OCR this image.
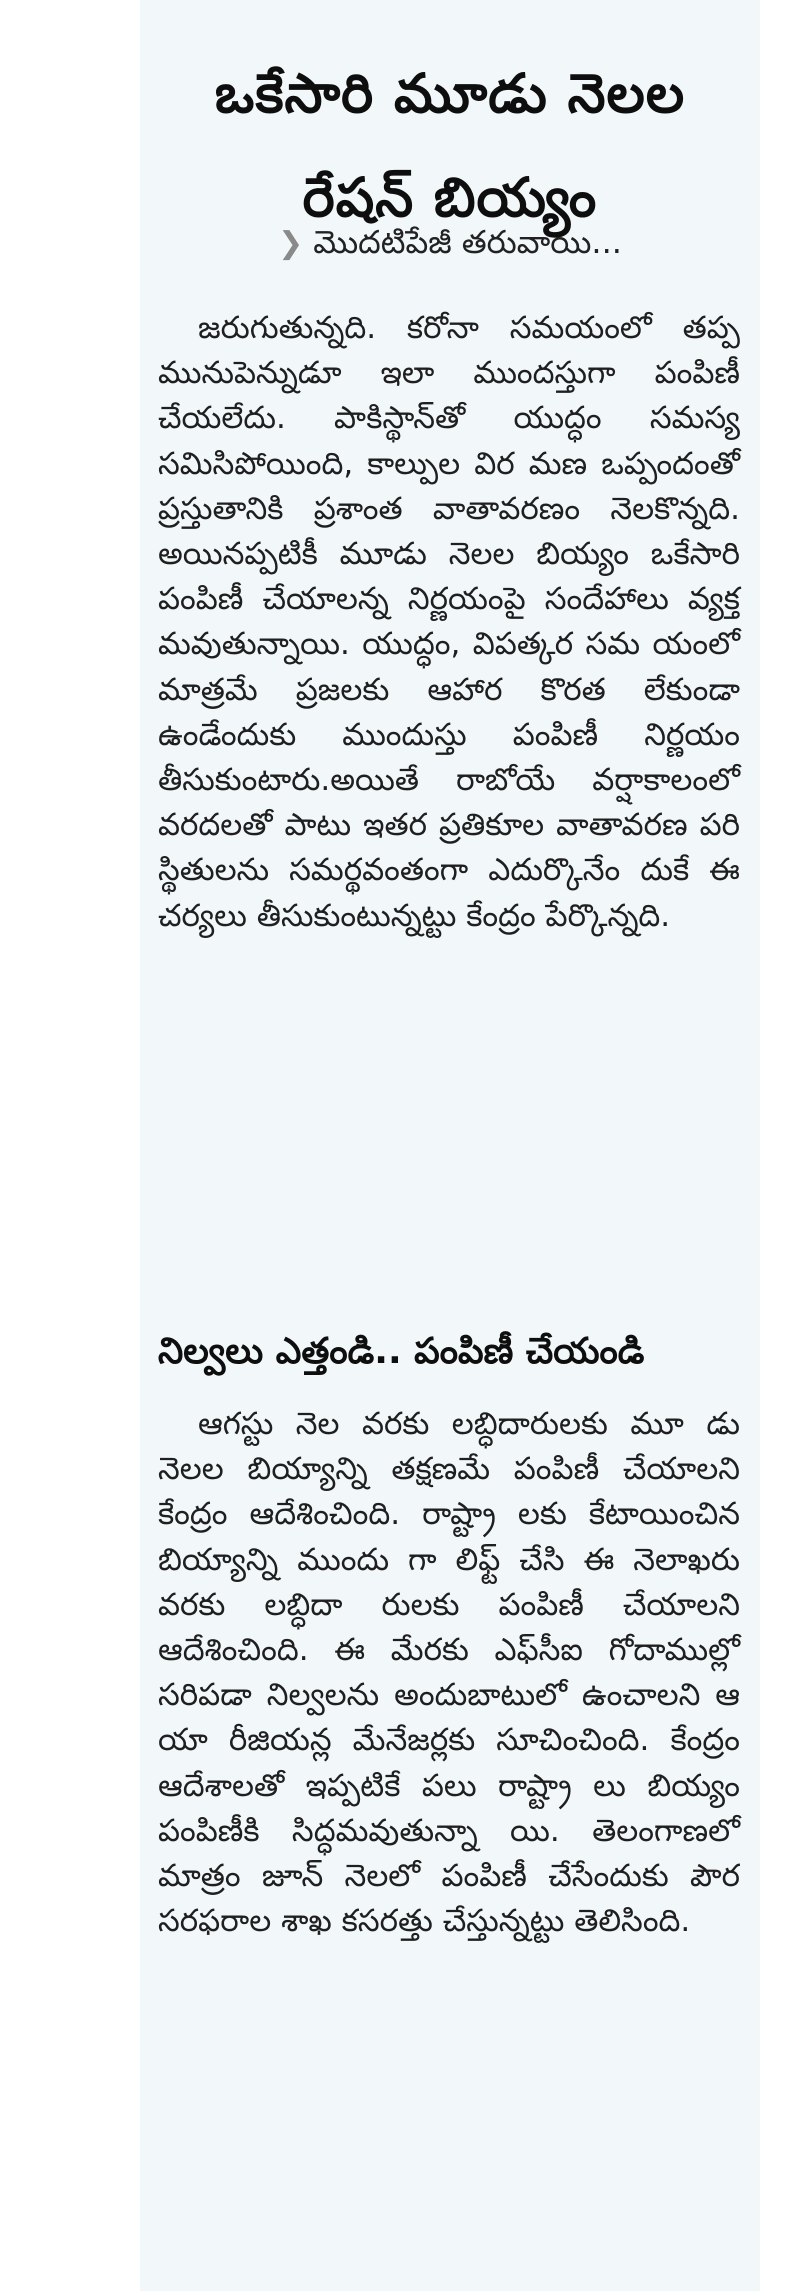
ఒకేసారి మూడు నెలల
రేషన్ బియ్యం
❯ మొదటిపేజీ తరువాయి...

జరుగుతున్నది. కరోనా సమయంలో తప్ప మునుపెన్నుడూ ఇలా ముందస్తుగా పంపిణీ చేయలేదు. పాకిస్థాన్‌తో యుద్ధం సమస్య సమిసిపోయింది, కాల్పుల విర మణ ఒప్పందంతో ప్రస్తుతానికి ప్రశాంత వాతావరణం నెలకొన్నది. అయినప్పటికీ మూడు నెలల బియ్యం ఒకేసారి పంపిణీ చేయాలన్న నిర్ణయంపై సందేహాలు వ్యక్త మవుతున్నాయి. యుద్ధం, విపత్కర సమ యంలో మాత్రమే ప్రజలకు ఆహార కొరత లేకుండా ఉండేందుకు ముందుస్తు పంపిణీ నిర్ణయం తీసుకుంటారు.అయితే రాబోయే వర్షాకాలంలో వరదలతో పాటు ఇతర ప్రతికూల వాతావరణ పరి స్థితులను సమర్థవంతంగా ఎదుర్కొనేం దుకే ఈ చర్యలు తీసుకుంటున్నట్టు కేంద్రం పేర్కొన్నది.

నిల్వలు ఎత్తండి.. పంపిణీ చేయండి

ఆగస్టు నెల వరకు లబ్ధిదారులకు మూ డు నెలల బియ్యాన్ని తక్షణమే పంపిణీ చేయాలని కేంద్రం ఆదేశించింది. రాష్ట్రా లకు కేటాయించిన బియ్యాన్ని ముందు గా లిఫ్ట్ చేసి ఈ నెలాఖరు వరకు లబ్ధిదా రులకు పంపిణీ చేయాలని ఆదేశించింది. ఈ మేరకు ఎఫ్‌సీఐ గోదాముల్లో సరిపడా నిల్వలను అందుబాటులో ఉంచాలని ఆ యా రీజియన్ల మేనేజర్లకు సూచించింది. కేంద్రం ఆదేశాలతో ఇప్పటికే పలు రాష్ట్రా లు బియ్యం పంపిణీకి సిద్ధమవుతున్నా యి. తెలంగాణలో మాత్రం జూన్ నెలలో పంపిణీ చేసేందుకు పౌర సరఫరాల శాఖ కసరత్తు చేస్తున్నట్టు తెలిసింది.
